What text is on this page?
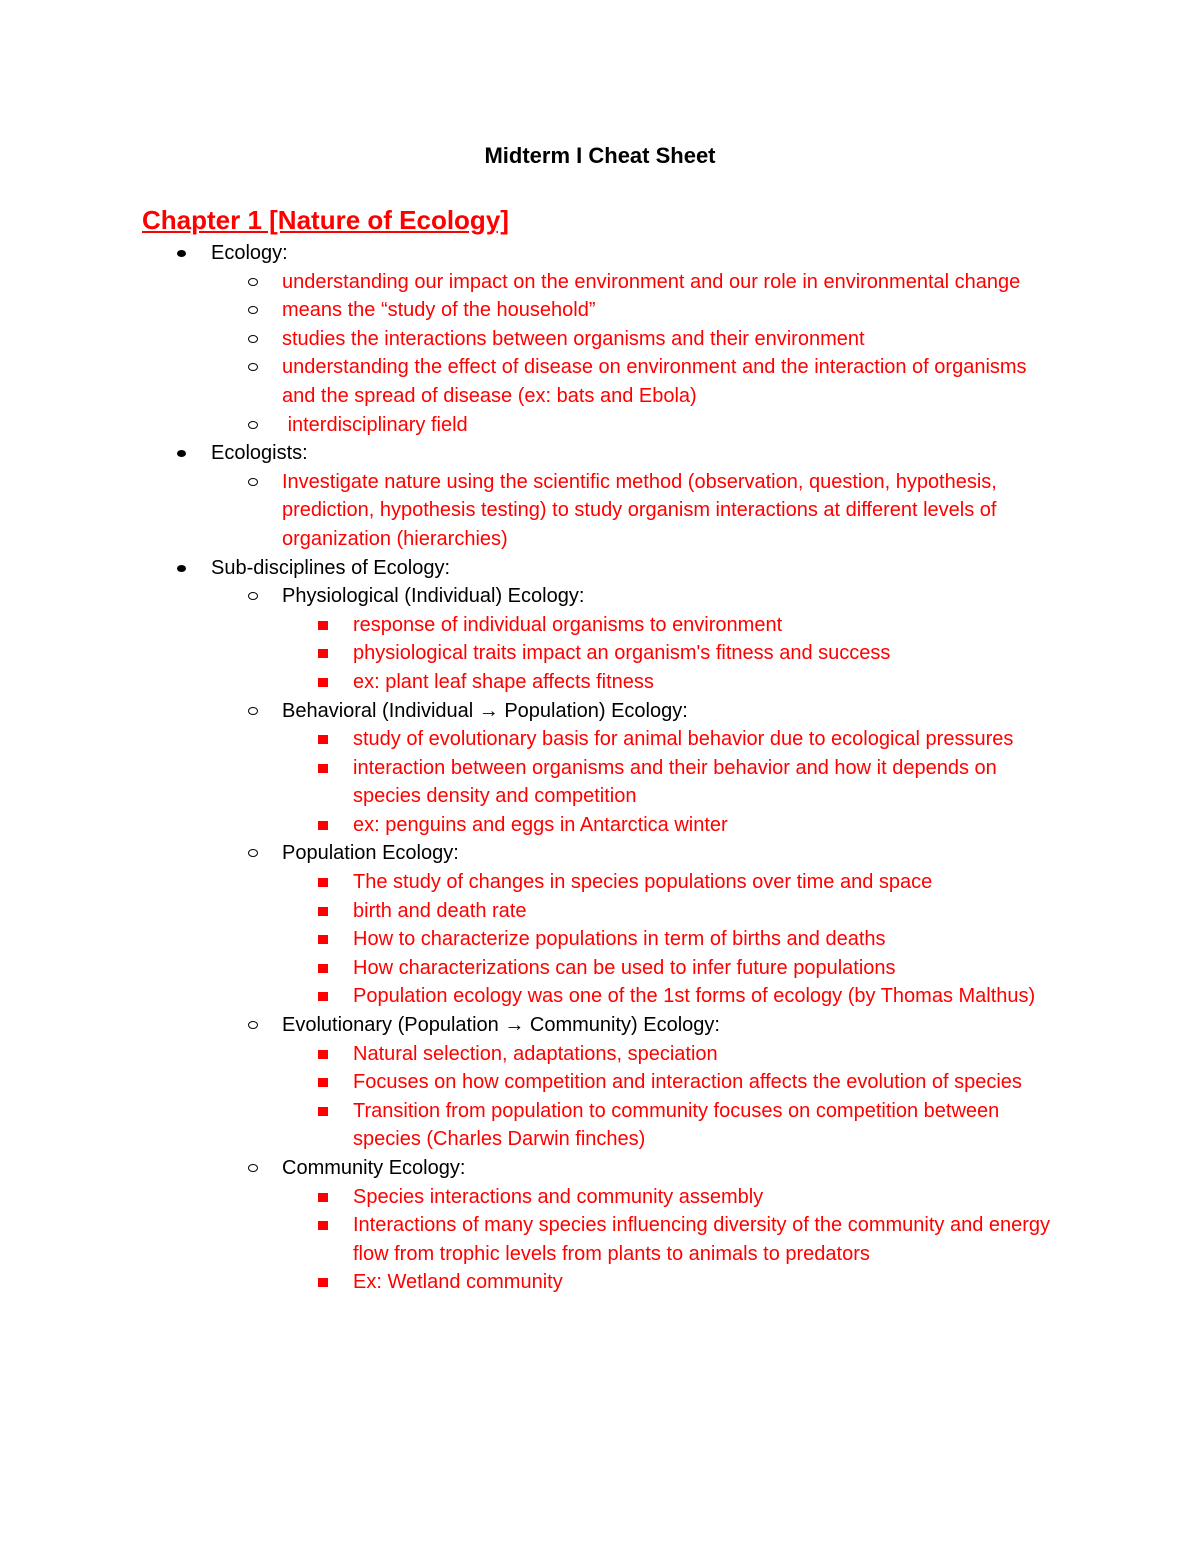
Midterm I Cheat Sheet
Chapter 1 [Nature of Ecology]
Ecology:
understanding our impact on the environment and our role in environmental change
means the “study of the household”
studies the interactions between organisms and their environment
understanding the effect of disease on environment and the interaction of organisms and the spread of disease (ex: bats and Ebola)
interdisciplinary field
Ecologists:
Investigate nature using the scientific method (observation, question, hypothesis, prediction, hypothesis testing) to study organism interactions at different levels of organization (hierarchies)
Sub-disciplines of Ecology:
Physiological (Individual) Ecology:
response of individual organisms to environment
physiological traits impact an organism's fitness and success
ex: plant leaf shape affects fitness
Behavioral (Individual → Population) Ecology:
study of evolutionary basis for animal behavior due to ecological pressures
interaction between organisms and their behavior and how it depends on species density and competition
ex: penguins and eggs in Antarctica winter
Population Ecology:
The study of changes in species populations over time and space
birth and death rate
How to characterize populations in term of births and deaths
How characterizations can be used to infer future populations
Population ecology was one of the 1st forms of ecology (by Thomas Malthus)
Evolutionary (Population → Community) Ecology:
Natural selection, adaptations, speciation
Focuses on how competition and interaction affects the evolution of species
Transition from population to community focuses on competition between species (Charles Darwin finches)
Community Ecology:
Species interactions and community assembly
Interactions of many species influencing diversity of the community and energy flow from trophic levels from plants to animals to predators
Ex: Wetland community
